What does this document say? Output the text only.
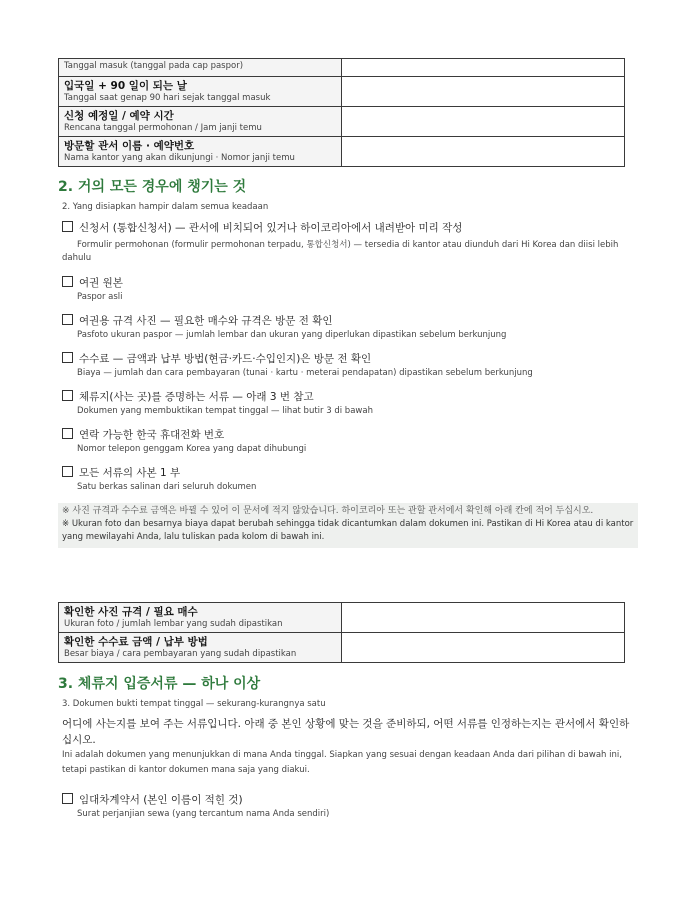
Tanggal masuk (tanggal pada cap paspor)	

입국일 + 90 일이 되는 날
Tanggal saat genap 90 hari sejak tanggal masuk	

신청 예정일 / 예약 시간
Rencana tanggal permohonan / Jam janji temu	

방문할 관서 이름 · 예약번호
Nama kantor yang akan dikunjungi · Nomor janji temu	

2. 거의 모든 경우에 챙기는 것
2. Yang disiapkan hampir dalam semua keadaan
신청서 (통합신청서) — 관서에 비치되어 있거나 하이코리아에서 내려받아 미리 작성
Formulir permohonan (formulir permohonan terpadu, 통합신청서) — tersedia di kantor atau diunduh dari Hi Korea dan diisi lebih dahulu
여권 원본
Paspor asli
여권용 규격 사진 — 필요한 매수와 규격은 방문 전 확인
Pasfoto ukuran paspor — jumlah lembar dan ukuran yang diperlukan dipastikan sebelum berkunjung
수수료 — 금액과 납부 방법(현금·카드·수입인지)은 방문 전 확인
Biaya — jumlah dan cara pembayaran (tunai · kartu · meterai pendapatan) dipastikan sebelum berkunjung
체류지(사는 곳)를 증명하는 서류 — 아래 3 번 참고
Dokumen yang membuktikan tempat tinggal — lihat butir 3 di bawah
연락 가능한 한국 휴대전화 번호
Nomor telepon genggam Korea yang dapat dihubungi
모든 서류의 사본 1 부
Satu berkas salinan dari seluruh dokumen
※ 사진 규격과 수수료 금액은 바뀔 수 있어 이 문서에 적지 않았습니다. 하이코리아 또는 관할 관서에서 확인해 아래 칸에 적어 두십시오.
※ Ukuran foto dan besarnya biaya dapat berubah sehingga tidak dicantumkan dalam dokumen ini. Pastikan di Hi Korea atau di kantor yang mewilayahi Anda, lalu tuliskan pada kolom di bawah ini.
확인한 사진 규격 / 필요 매수
Ukuran foto / jumlah lembar yang sudah dipastikan	

확인한 수수료 금액 / 납부 방법
Besar biaya / cara pembayaran yang sudah dipastikan	

3. 체류지 입증서류 — 하나 이상
3. Dokumen bukti tempat tinggal — sekurang-kurangnya satu
어디에 사는지를 보여 주는 서류입니다. 아래 중 본인 상황에 맞는 것을 준비하되, 어떤 서류를 인정하는지는 관서에서 확인하십시오.
Ini adalah dokumen yang menunjukkan di mana Anda tinggal. Siapkan yang sesuai dengan keadaan Anda dari pilihan di bawah ini, tetapi pastikan di kantor dokumen mana saja yang diakui.
임대차계약서 (본인 이름이 적힌 것)
Surat perjanjian sewa (yang tercantum nama Anda sendiri)
